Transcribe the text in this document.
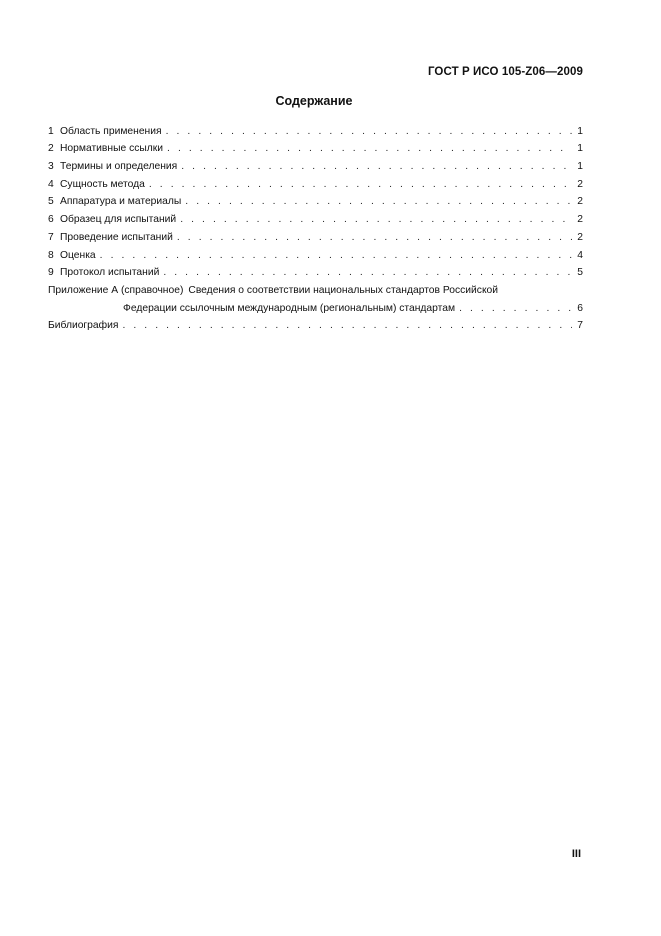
ГОСТ Р ИСО 105-Z06—2009
Содержание
1 Область применения . . .	1
2 Нормативные ссылки . . .	1
3 Термины и определения . . .	1
4 Сущность метода . . .	2
5 Аппаратура и материалы . . .	2
6 Образец для испытаний . . .	2
7 Проведение испытаний . . .	2
8 Оценка . . .	4
9 Протокол испытаний . . .	5
Приложение А (справочное) Сведения о соответствии национальных стандартов Российской
Федерации ссылочным международным (региональным) стандартам . . .	6
Библиография . . .	7
III
